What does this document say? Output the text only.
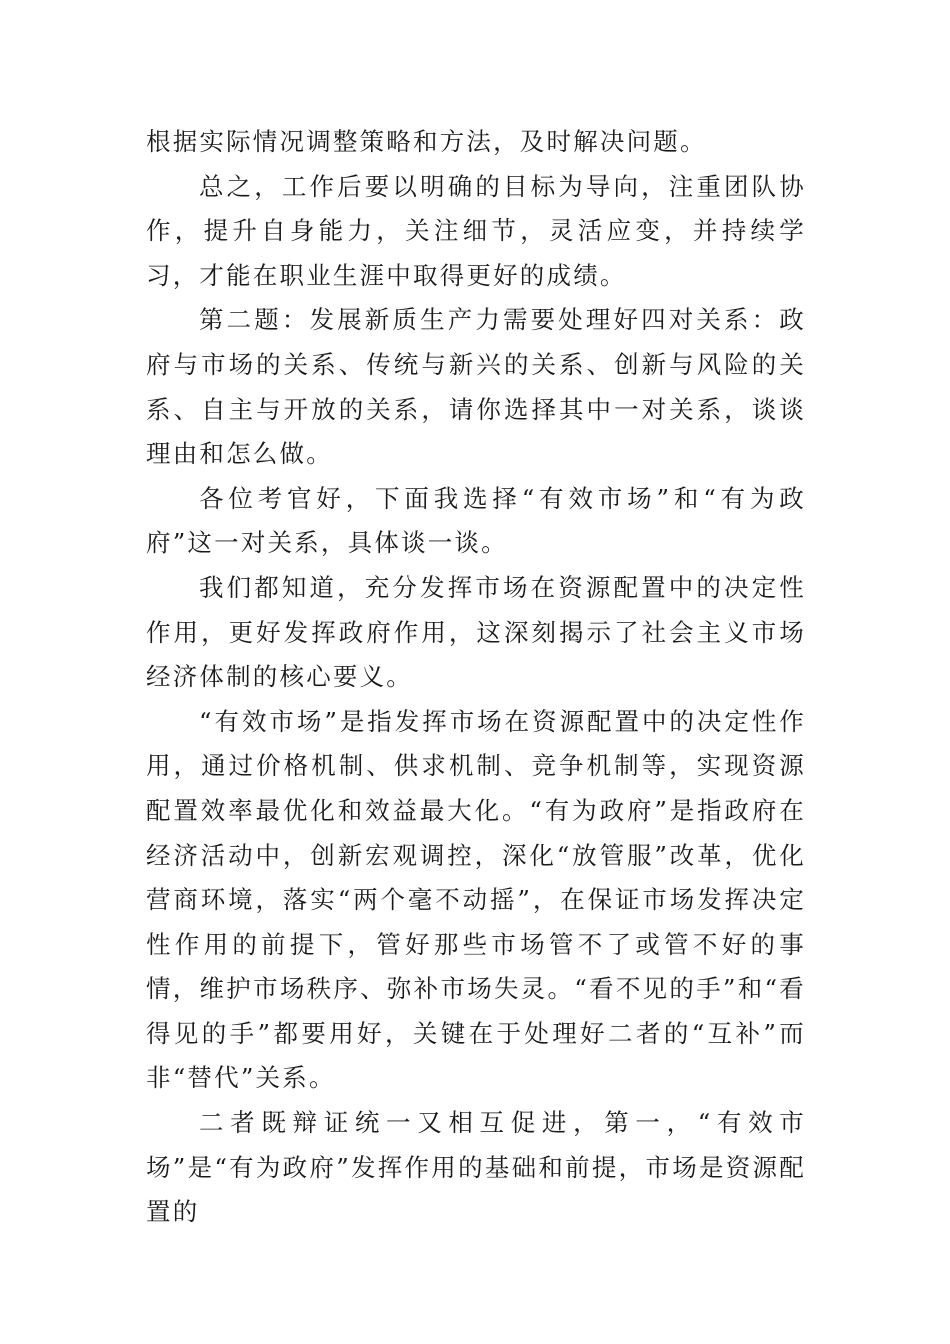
根据实际情况调整策略和方法，及时解决问题。

总之，工作后要以明确的目标为导向，注重团队协作，提升自身能力，关注细节，灵活应变，并持续学习，才能在职业生涯中取得更好的成绩。

第二题：发展新质生产力需要处理好四对关系：政府与市场的关系、传统与新兴的关系、创新与风险的关系、自主与开放的关系，请你选择其中一对关系，谈谈理由和怎么做。

各位考官好，下面我选择“有效市场”和“有为政府”这一对关系，具体谈一谈。

我们都知道，充分发挥市场在资源配置中的决定性作用，更好发挥政府作用，这深刻揭示了社会主义市场经济体制的核心要义。

“有效市场”是指发挥市场在资源配置中的决定性作用，通过价格机制、供求机制、竞争机制等，实现资源配置效率最优化和效益最大化。“有为政府”是指政府在经济活动中，创新宏观调控，深化“放管服”改革，优化营商环境，落实“两个毫不动摇”，在保证市场发挥决定性作用的前提下，管好那些市场管不了或管不好的事情，维护市场秩序、弥补市场失灵。“看不见的手”和“看得见的手”都要用好，关键在于处理好二者的“互补”而非“替代”关系。

二者既辩证统一又相互促进，第一，“有效市场”是“有为政府”发挥作用的基础和前提，市场是资源配置的
